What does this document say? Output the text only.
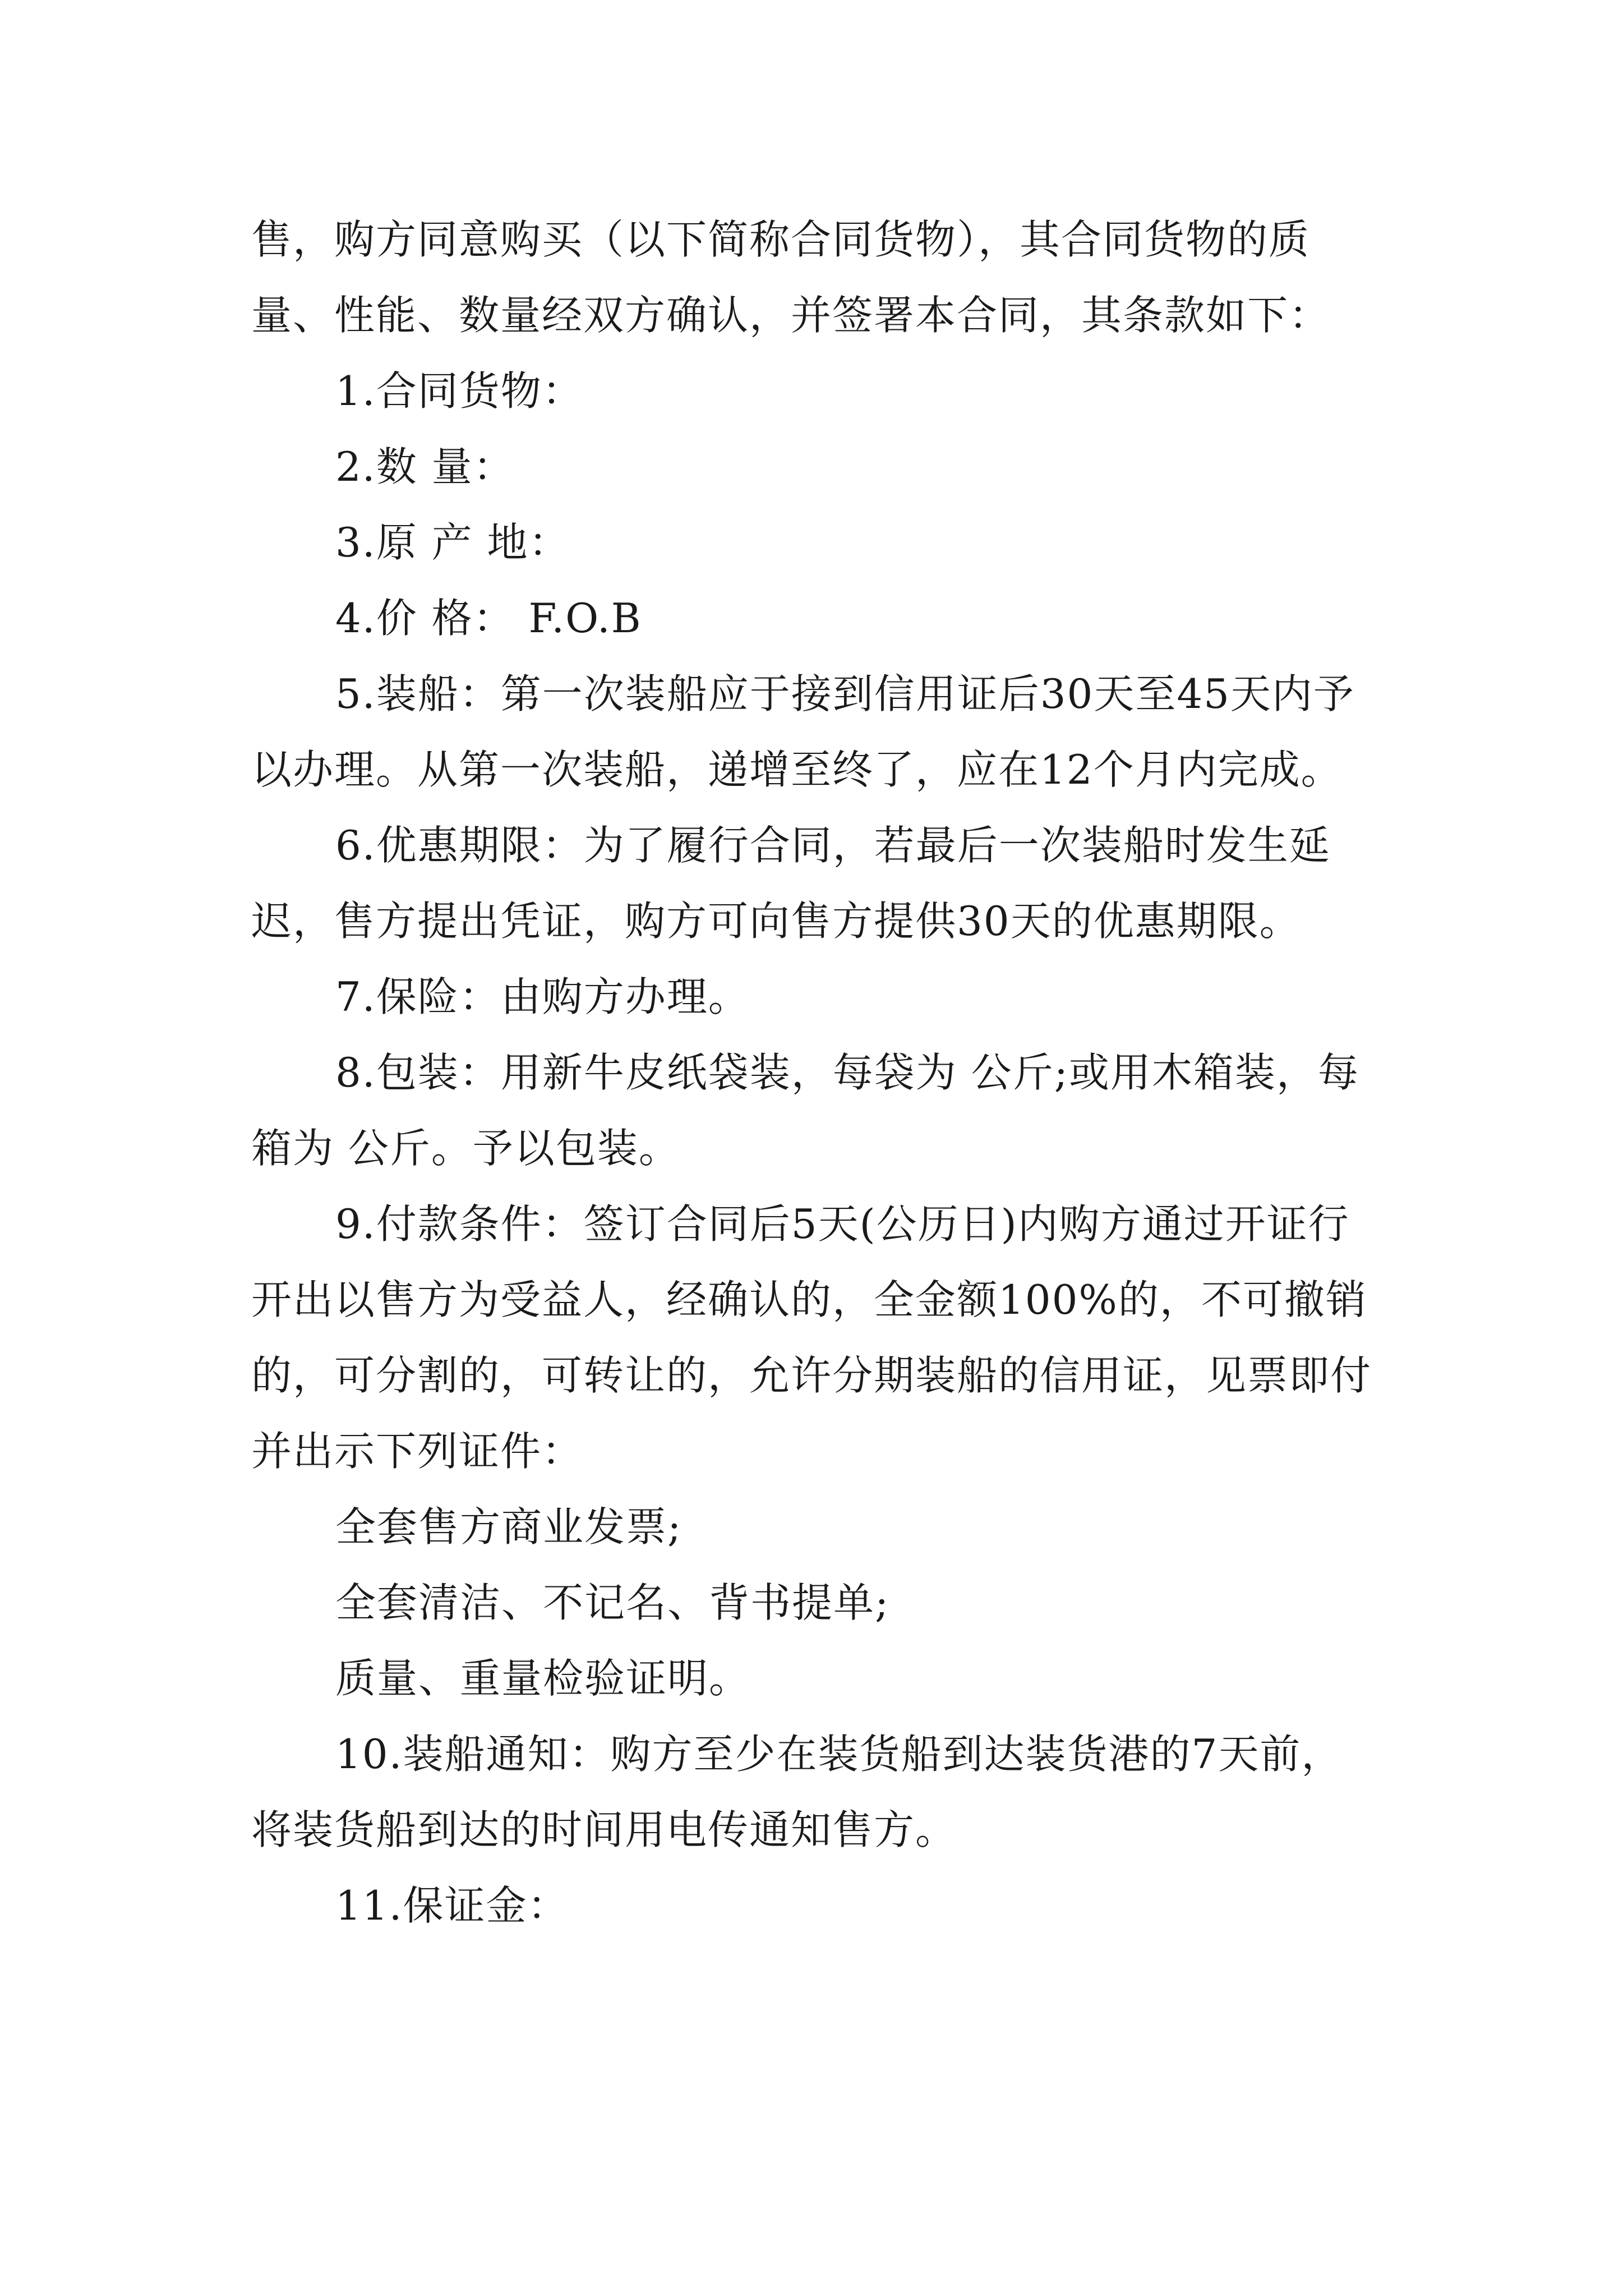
售，购方同意购买（以下简称合同货物），其合同货物的质量、性能、数量经双方确认，并签署本合同，其条款如下：

1.合同货物：

2.数 量：

3.原 产 地：

4.价 格： F.O.B

5.装船：第一次装船应于接到信用证后30天至45天内予以办理。从第一次装船，递增至终了，应在12个月内完成。

6.优惠期限：为了履行合同，若最后一次装船时发生延迟，售方提出凭证，购方可向售方提供30天的优惠期限。

7.保险：由购方办理。

8.包装：用新牛皮纸袋装，每袋为 公斤;或用木箱装，每箱为 公斤。予以包装。

9.付款条件：签订合同后5天(公历日)内购方通过开证行开出以售方为受益人，经确认的，全金额100%的，不可撤销的，可分割的，可转让的，允许分期装船的信用证，见票即付并出示下列证件：

全套售方商业发票;

全套清洁、不记名、背书提单;

质量、重量检验证明。

10.装船通知：购方至少在装货船到达装货港的7天前，将装货船到达的时间用电传通知售方。

11.保证金：
